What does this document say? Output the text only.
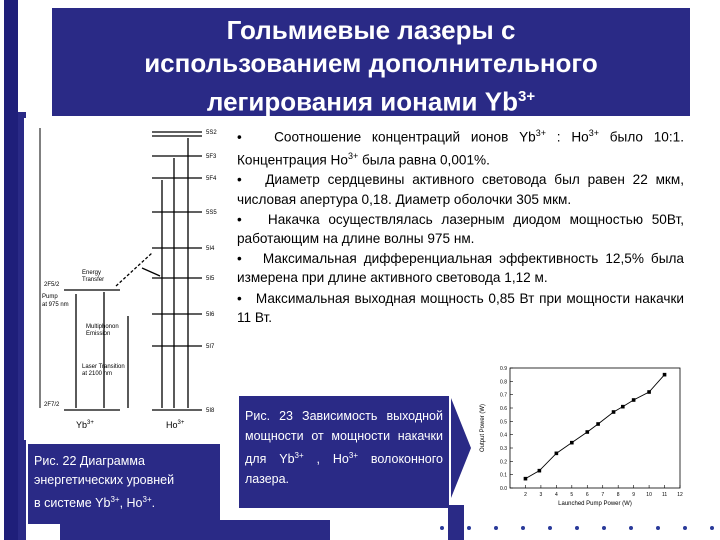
Гольмиевые лазеры с
использованием дополнительного
легирования ионами $Yb^{3+}$
5S2
5F3
5F4
5S5
5I4
5I5
5I6
5I7
5I8
2F5/2
2F7/2
Pump
at 975 nm
Energy
Transfer
Multiphonon
Emission
Laser Transition
at 2100 nm
$Yb^{3+}$	$Ho^{3+}$

• Соотношение концентраций ионов $Yb^{3+}$ : $Ho^{3+}$ было 10:1. Концентрация $Ho^{3+}$ была равна 0,001%.

• Диаметр сердцевины активного световода был равен 22 мкм, числовая апертура 0,18. Диаметр оболочки 305 мкм.

• Накачка осуществлялась лазерным диодом мощностью 50Вт, работающим на длине волны 975 нм.

• Максимальная дифференциальная эффективность 12,5% была измерена при длине активного световода 1,12 м.

• Максимальная выходная мощность 0,85 Вт при мощности накачки 11 Вт.

Рис. 22 Диаграмма
энергетических уровней
в системе $Yb^{3+}$, $Ho^{3+}$.
Рис. 23 Зависимость выходной мощности от мощности накачки для $Yb^{3+}$ , $Ho^{3+}$ волоконного лазера.
0.0
0.1
0.2
0.3
0.4
0.5
0.6
0.7
0.8
0.9
2	3	4	5	6	7	8	9 10 11 12
Launched Pump Power (W)
Output Power (W)
